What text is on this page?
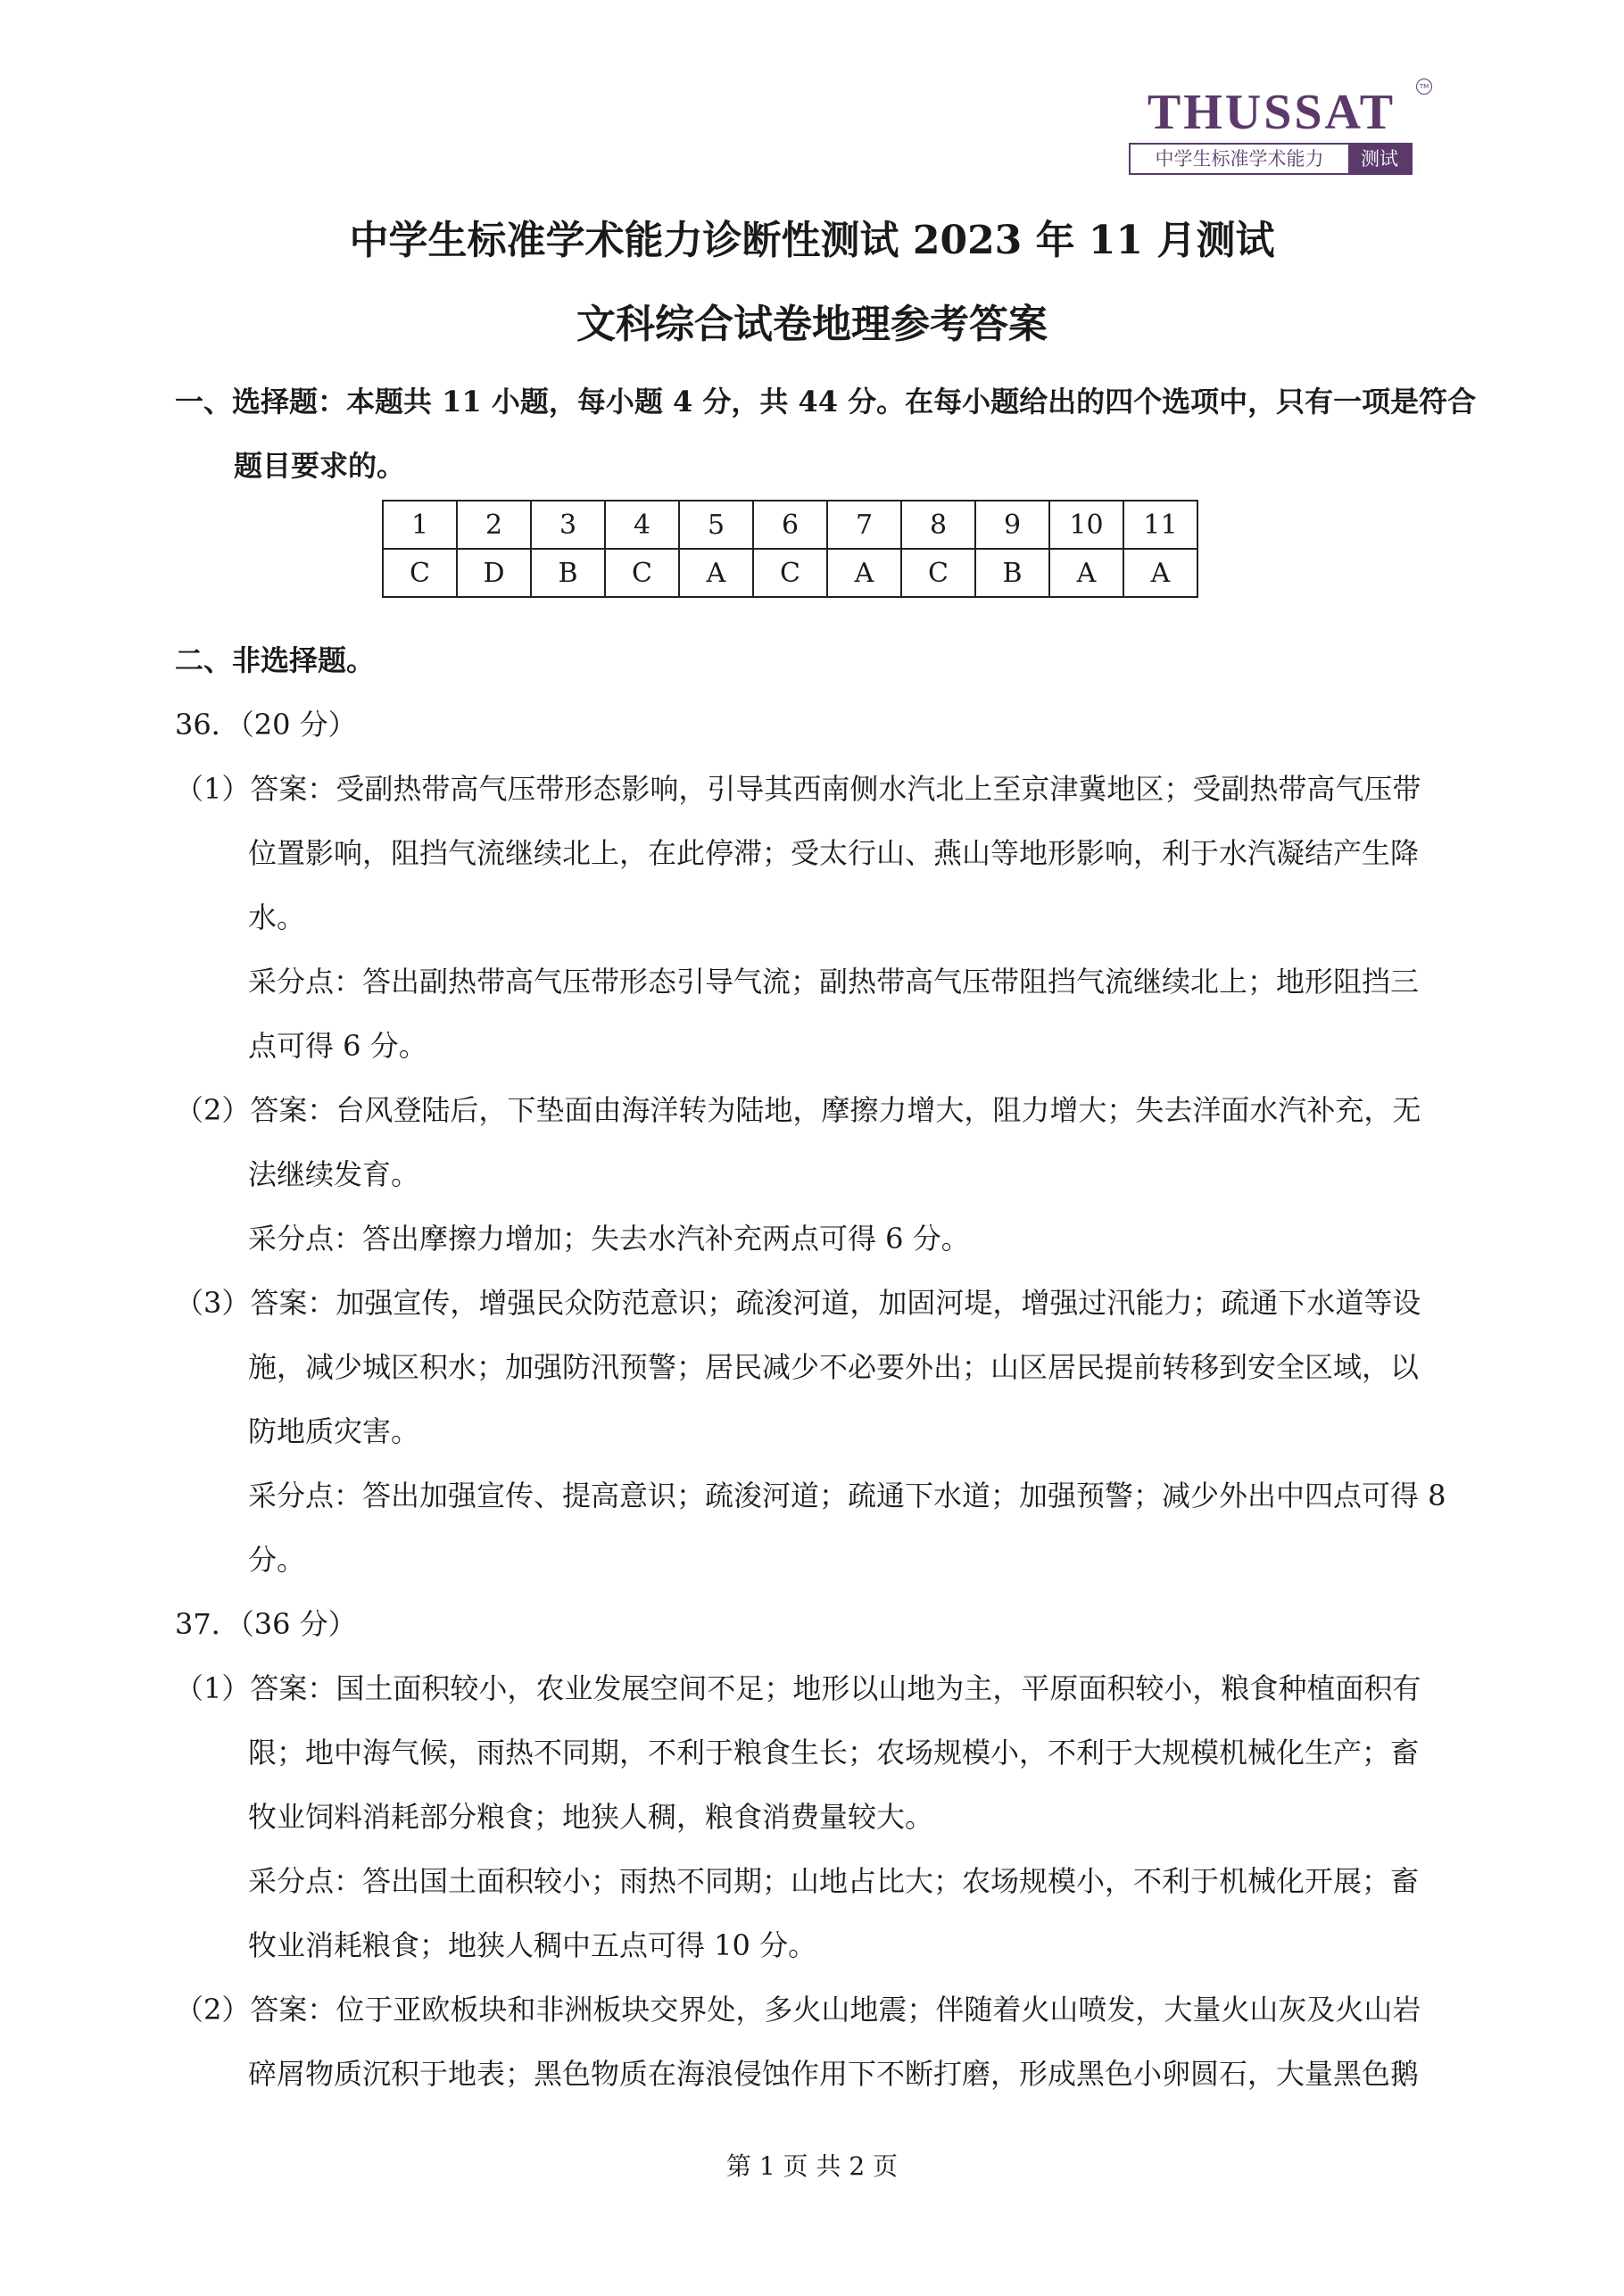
THUSSAT	TM
中学生标准学术能力	测试
中学生标准学术能力诊断性测试 2023 年 11 月测试
文科综合试卷地理参考答案
一、选择题：本题共 11 小题，每小题 4 分，共 44 分。在每小题给出的四个选项中，只有一项是符合
题目要求的。
1	2	3	4	5	6	7	8	9	10	11
C	D	B	C	A	C	A	C	B	A	A
二、非选择题。
36．（20 分）
（1）答案：受副热带高气压带形态影响，引导其西南侧水汽北上至京津冀地区；受副热带高气压带
位置影响，阻挡气流继续北上，在此停滞；受太行山、燕山等地形影响，利于水汽凝结产生降
水。
采分点：答出副热带高气压带形态引导气流；副热带高气压带阻挡气流继续北上；地形阻挡三
点可得 6 分。
（2）答案：台风登陆后，下垫面由海洋转为陆地，摩擦力增大，阻力增大；失去洋面水汽补充，无
法继续发育。
采分点：答出摩擦力增加；失去水汽补充两点可得 6 分。
（3）答案：加强宣传，增强民众防范意识；疏浚河道，加固河堤，增强过汛能力；疏通下水道等设
施，减少城区积水；加强防汛预警；居民减少不必要外出；山区居民提前转移到安全区域，以
防地质灾害。
采分点：答出加强宣传、提高意识；疏浚河道；疏通下水道；加强预警；减少外出中四点可得 8
分。
37．（36 分）
（1）答案：国土面积较小，农业发展空间不足；地形以山地为主，平原面积较小，粮食种植面积有
限；地中海气候，雨热不同期，不利于粮食生长；农场规模小，不利于大规模机械化生产；畜
牧业饲料消耗部分粮食；地狭人稠，粮食消费量较大。
采分点：答出国土面积较小；雨热不同期；山地占比大；农场规模小，不利于机械化开展；畜
牧业消耗粮食；地狭人稠中五点可得 10 分。
（2）答案：位于亚欧板块和非洲板块交界处，多火山地震；伴随着火山喷发，大量火山灰及火山岩
碎屑物质沉积于地表；黑色物质在海浪侵蚀作用下不断打磨，形成黑色小卵圆石，大量黑色鹅
第 1 页 共 2 页
